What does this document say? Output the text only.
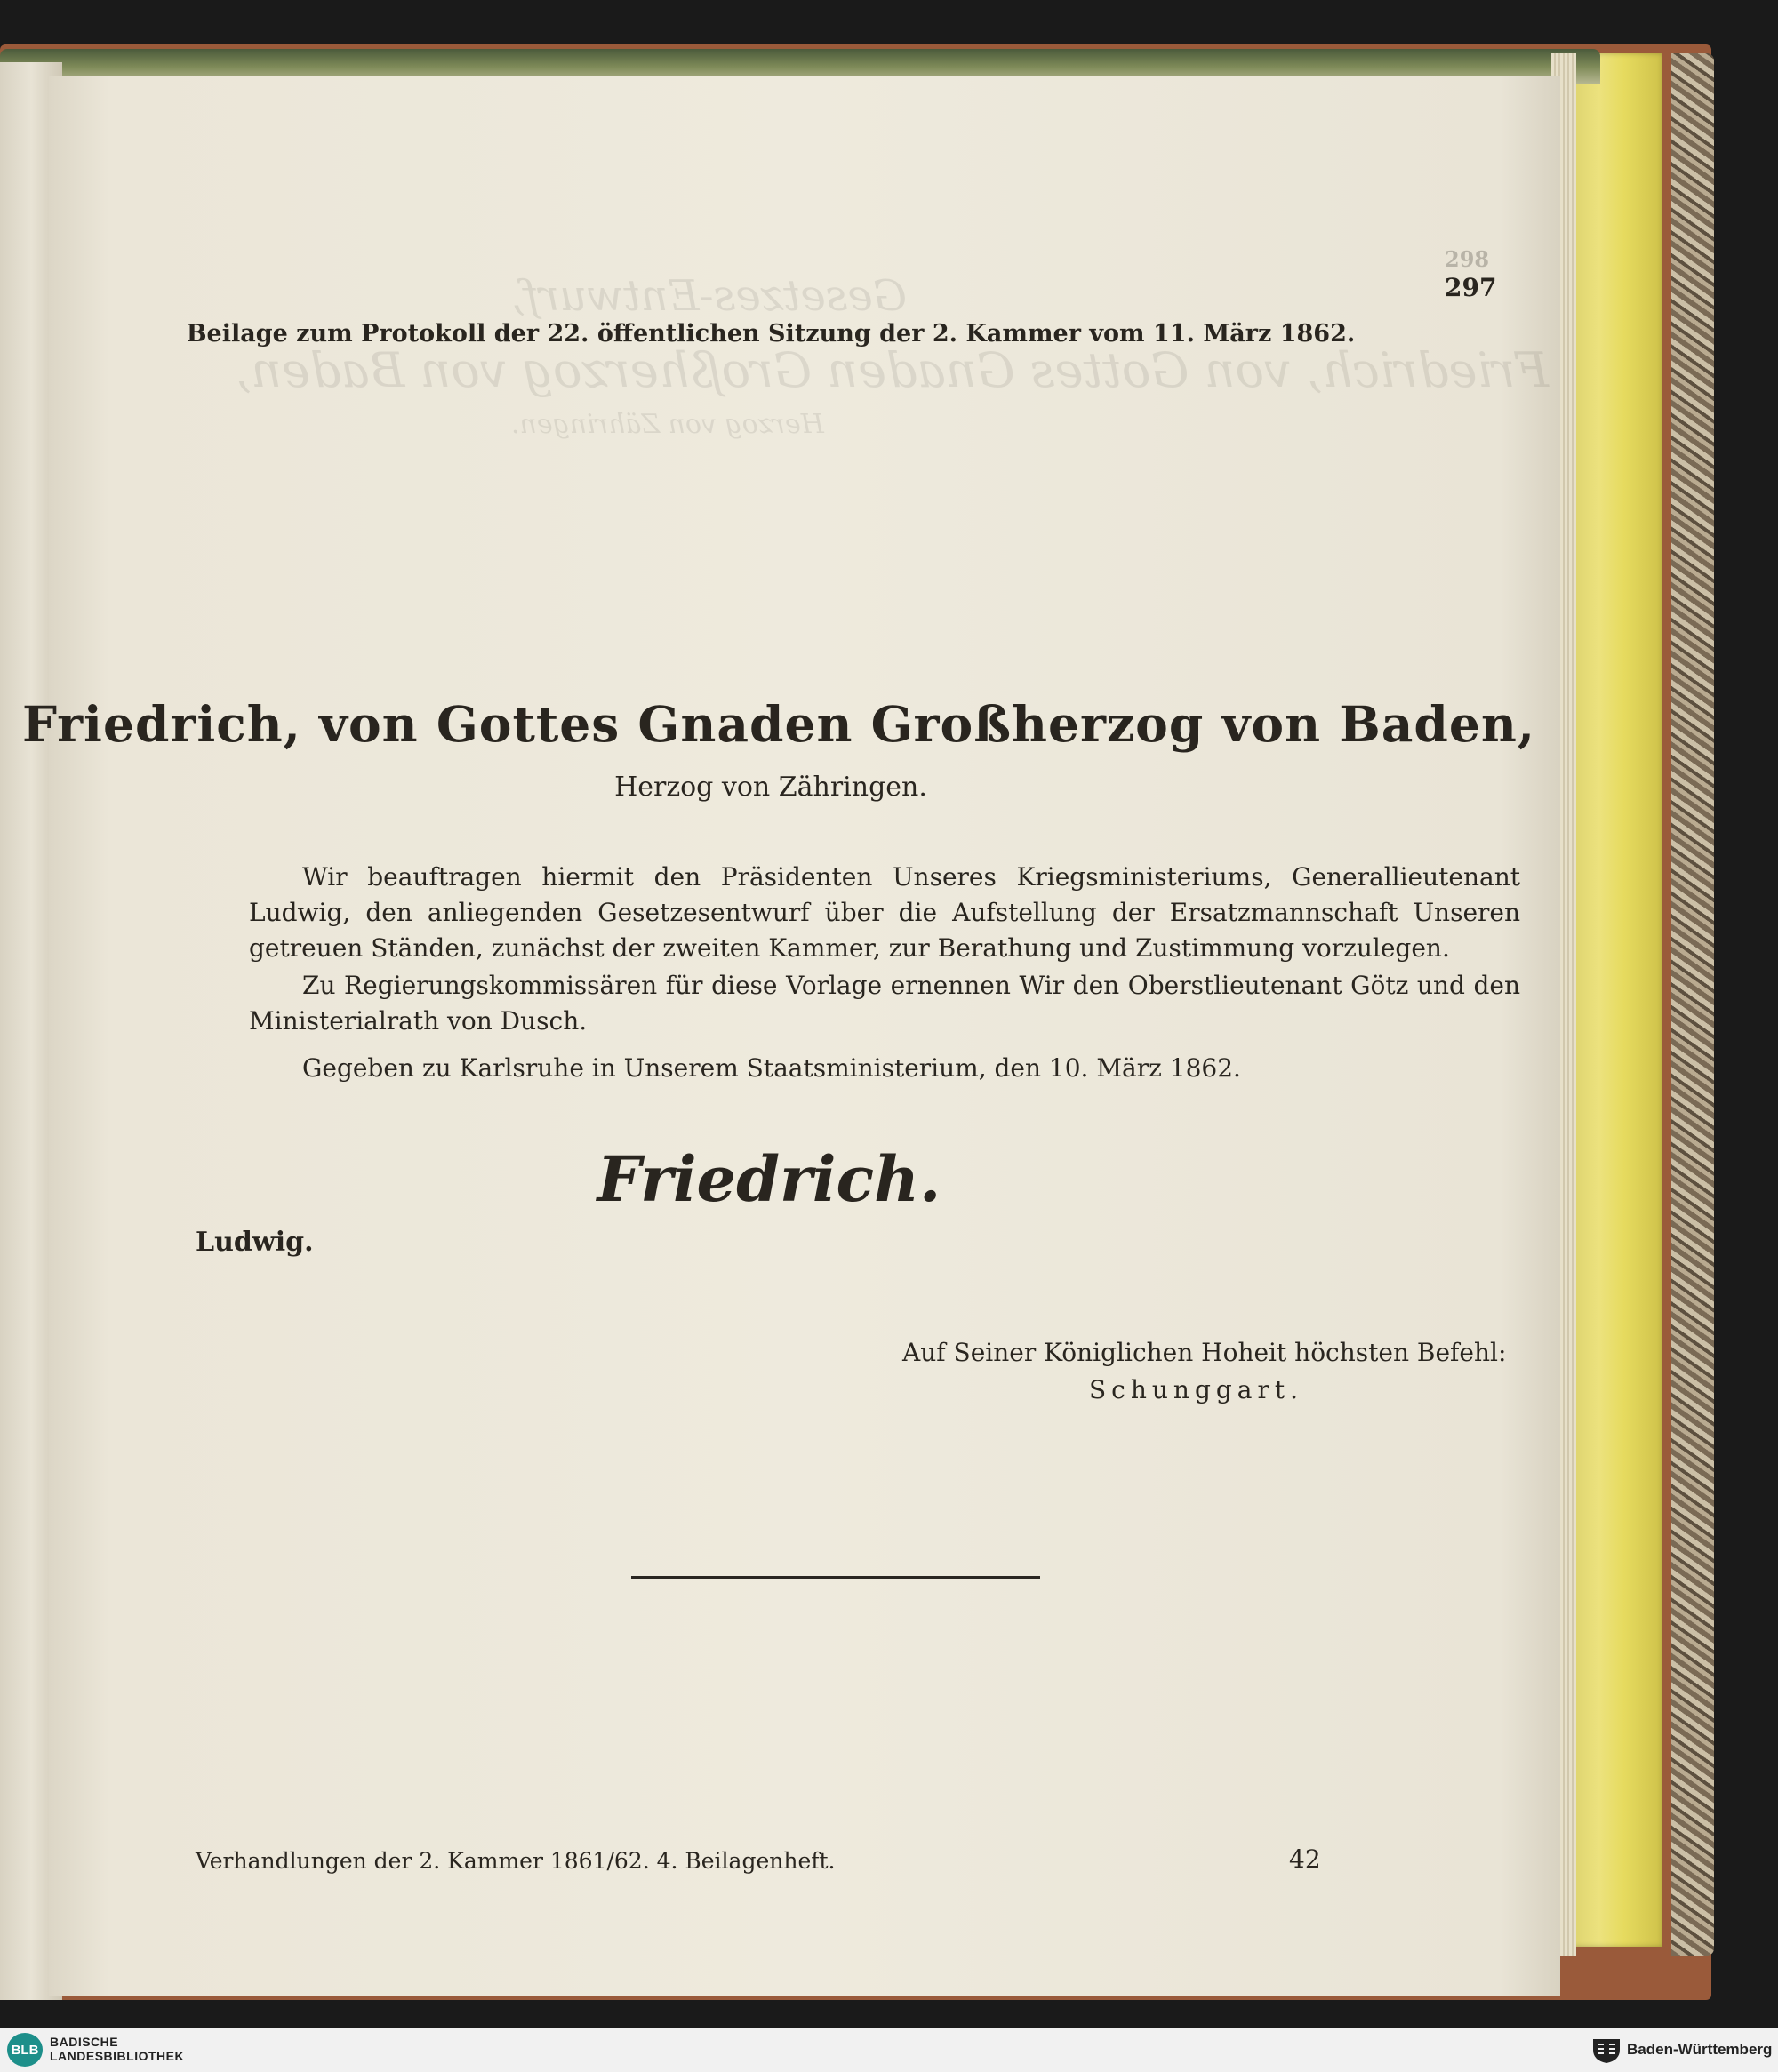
Gesetzes-Entwurf,
Friedrich, von Gottes Gnaden Großherzog von Baden,
Herzog von Zähringen.
298
297
Beilage zum Protokoll der 22. öffentlichen Sitzung der 2. Kammer vom 11. März 1862.
Friedrich, von Gottes Gnaden Großherzog von Baden,
Herzog von Zähringen.
Wir beauftragen hiermit den Präsidenten Unseres Kriegsministeriums, Generallieutenant Ludwig, den anliegenden Gesetzesentwurf über die Aufstellung der Ersatzmannschaft Unseren getreuen Ständen, zunächst der zweiten Kammer, zur Berathung und Zustimmung vorzulegen.
Zu Regierungskommissären für diese Vorlage ernennen Wir den Oberstlieutenant Götz und den Ministerialrath von Dusch.
Gegeben zu Karlsruhe in Unserem Staatsministerium, den 10. März 1862.
Friedrich.
Ludwig.
Auf Seiner Königlichen Hoheit höchsten Befehl:
Schunggart.
Verhandlungen der 2. Kammer 1861/62. 4. Beilagenheft.	42
BLB
BADISCHE
LANDESBIBLIOTHEK	Baden-Württemberg
